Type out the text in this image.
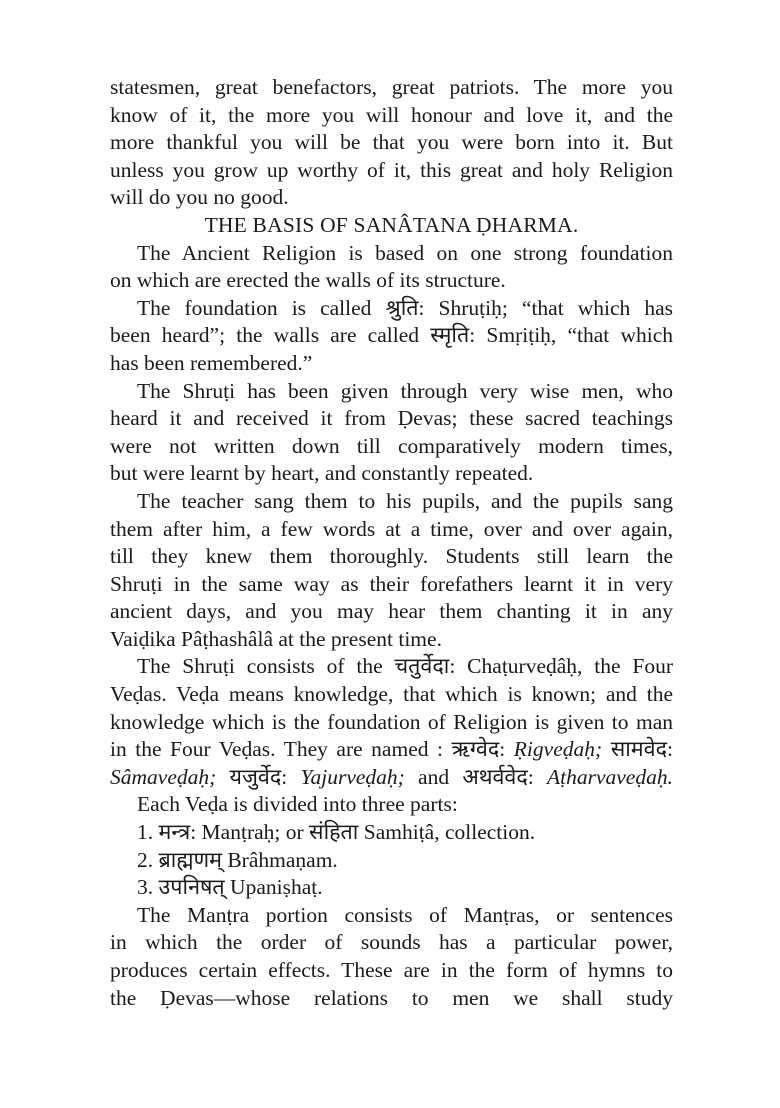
statesmen, great benefactors, great patriots. The more you
know of it, the more you will honour and love it, and the
more thankful you will be that you were born into it. But
unless you grow up worthy of it, this great and holy Religion
will do you no good.
THE BASIS OF SANÂTANA ḌHARMA.
The Ancient Religion is based on one strong foundation
on which are erected the walls of its structure.
The foundation is called श्रुति: Shruṭiḥ; “that which has
been heard”; the walls are called स्मृति: Smṛiṭiḥ, “that which
has been remembered.”
The Shruṭi has been given through very wise men, who
heard it and received it from Ḍevas; these sacred teachings
were not written down till comparatively modern times,
but were learnt by heart, and constantly repeated.
The teacher sang them to his pupils, and the pupils sang
them after him, a few words at a time, over and over again,
till they knew them thoroughly. Students still learn the
Shruṭi in the same way as their forefathers learnt it in very
ancient days, and you may hear them chanting it in any
Vaiḍika Pâṭhashâlâ at the present time.
The Shruṭi consists of the चतुर्वेदा: Chaṭurveḍâḥ, the Four
Veḍas. Veḍa means knowledge, that which is known; and the
knowledge which is the foundation of Religion is given to man
in the Four Veḍas. They are named : ऋग्वेद: Ṛigveḍaḥ; सामवेद:
Sâmaveḍaḥ; यजुर्वेद: Yajurveḍaḥ; and अथर्ववेद: Aṭharvaveḍaḥ.
Each Veḍa is divided into three parts:
1. मन्त्र: Manṭraḥ; or संहिता Samhiṭâ, collection.
2. ब्राह्मणम् Brâhmaṇam.
3. उपनिषत् Upaniṣhaṭ.
The Manṭra portion consists of Manṭras, or sentences
in which the order of sounds has a particular power,
produces certain effects. These are in the form of hymns to
the Ḍevas—whose relations to men we shall study
